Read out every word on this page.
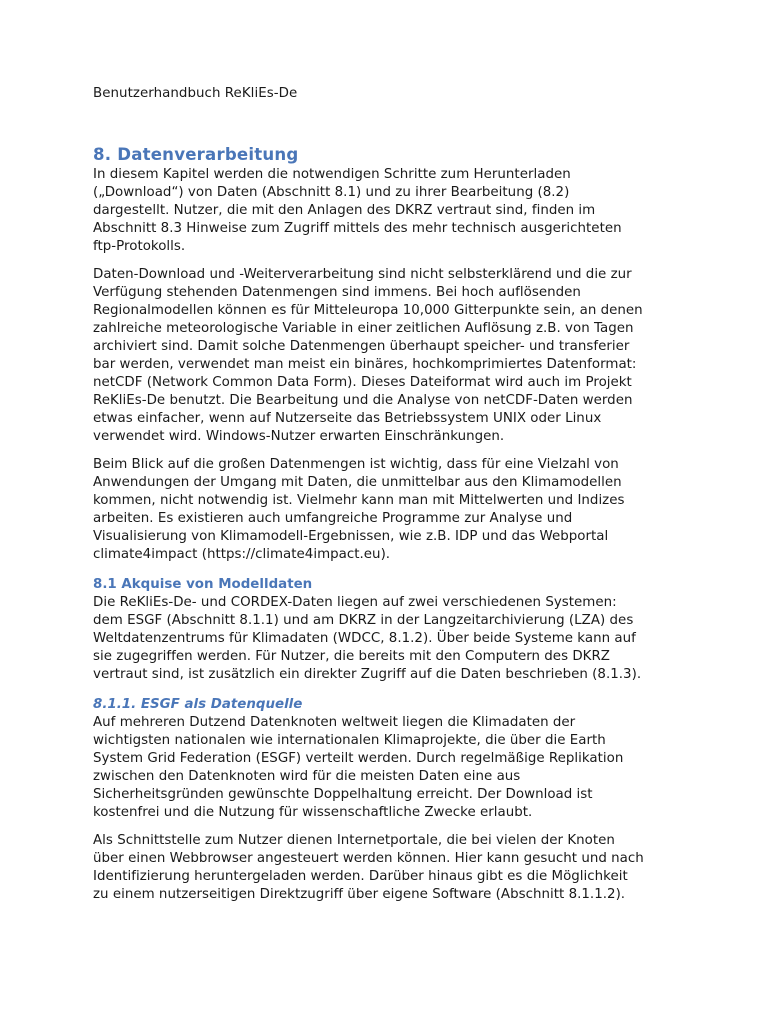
Benutzerhandbuch ReKliEs-De
8. Datenverarbeitung

In diesem Kapitel werden die notwendigen Schritte zum Herunterladen
(„Download“) von Daten (Abschnitt 8.1) und zu ihrer Bearbeitung (8.2)
dargestellt. Nutzer, die mit den Anlagen des DKRZ vertraut sind, finden im
Abschnitt 8.3 Hinweise zum Zugriff mittels des mehr technisch ausgerichteten
ftp-Protokolls.

Daten-Download und -Weiterverarbeitung sind nicht selbsterklärend und die zur
Verfügung stehenden Datenmengen sind immens. Bei hoch auflösenden
Regionalmodellen können es für Mitteleuropa 10,000 Gitterpunkte sein, an denen
zahlreiche meteorologische Variable in einer zeitlichen Auflösung z.B. von Tagen
archiviert sind. Damit solche Datenmengen überhaupt speicher- und transferier
bar werden, verwendet man meist ein binäres, hochkomprimiertes Datenformat:
netCDF (Network Common Data Form). Dieses Dateiformat wird auch im Projekt
ReKliEs-De benutzt. Die Bearbeitung und die Analyse von netCDF-Daten werden
etwas einfacher, wenn auf Nutzerseite das Betriebssystem UNIX oder Linux
verwendet wird. Windows-Nutzer erwarten Einschränkungen.

Beim Blick auf die großen Datenmengen ist wichtig, dass für eine Vielzahl von
Anwendungen der Umgang mit Daten, die unmittelbar aus den Klimamodellen
kommen, nicht notwendig ist. Vielmehr kann man mit Mittelwerten und Indizes
arbeiten. Es existieren auch umfangreiche Programme zur Analyse und
Visualisierung von Klimamodell-Ergebnissen, wie z.B. IDP und das Webportal
climate4impact (https://climate4impact.eu).

8.1 Akquise von Modelldaten

Die ReKliEs-De- und CORDEX-Daten liegen auf zwei verschiedenen Systemen:
dem ESGF (Abschnitt 8.1.1) und am DKRZ in der Langzeitarchivierung (LZA) des
Weltdatenzentrums für Klimadaten (WDCC, 8.1.2). Über beide Systeme kann auf
sie zugegriffen werden. Für Nutzer, die bereits mit den Computern des DKRZ
vertraut sind, ist zusätzlich ein direkter Zugriff auf die Daten beschrieben (8.1.3).

8.1.1. ESGF als Datenquelle

Auf mehreren Dutzend Datenknoten weltweit liegen die Klimadaten der
wichtigsten nationalen wie internationalen Klimaprojekte, die über die Earth
System Grid Federation (ESGF) verteilt werden. Durch regelmäßige Replikation
zwischen den Datenknoten wird für die meisten Daten eine aus
Sicherheitsgründen gewünschte Doppelhaltung erreicht. Der Download ist
kostenfrei und die Nutzung für wissenschaftliche Zwecke erlaubt.

Als Schnittstelle zum Nutzer dienen Internetportale, die bei vielen der Knoten
über einen Webbrowser angesteuert werden können. Hier kann gesucht und nach
Identifizierung heruntergeladen werden. Darüber hinaus gibt es die Möglichkeit
zu einem nutzerseitigen Direktzugriff über eigene Software (Abschnitt 8.1.1.2).
